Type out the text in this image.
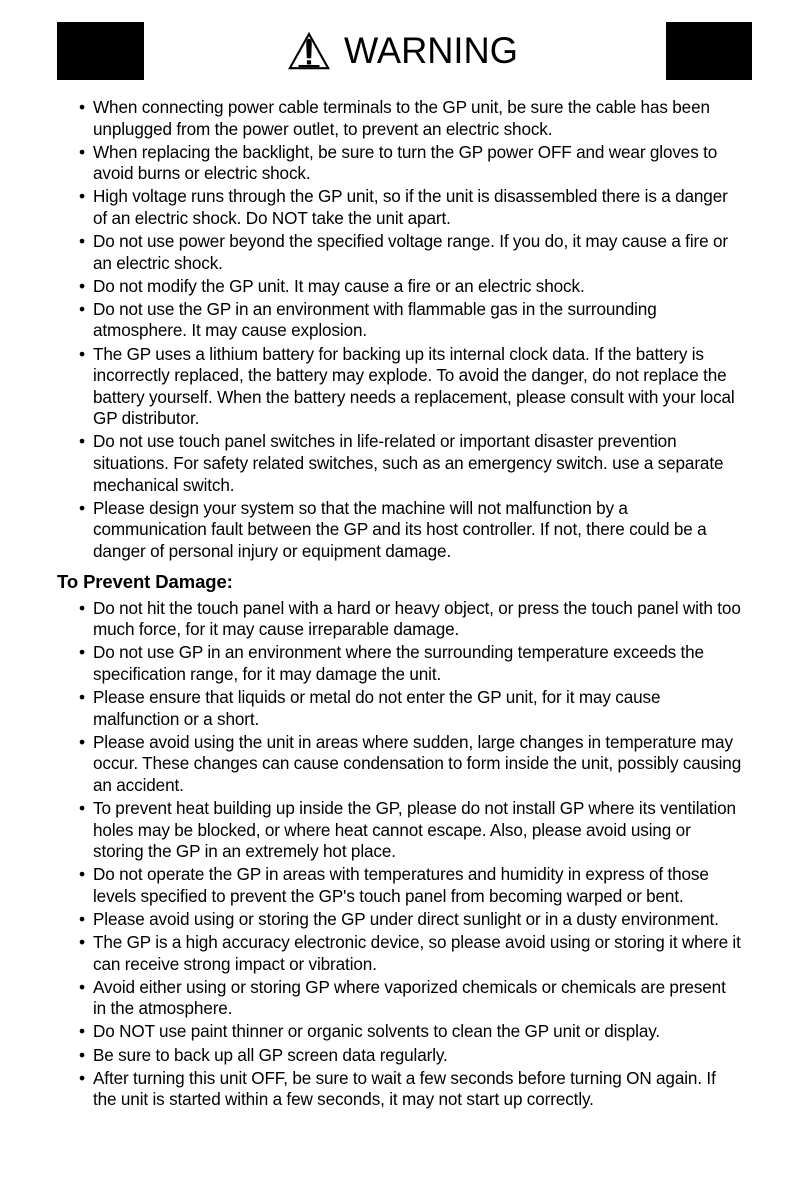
WARNING
• When connecting power cable terminals to the GP unit, be sure the cable has been unplugged from the power outlet, to prevent an electric shock.
• When replacing the backlight, be sure to turn the GP power OFF and wear gloves to avoid burns or electric shock.
• High voltage runs through the GP unit, so if the unit is disassembled there is a danger of an electric shock. Do NOT take the unit apart.
• Do not use power beyond the specified voltage range. If you do, it may cause a fire or an electric shock.
• Do not modify the GP unit. It may cause a fire or an electric shock.
• Do not use the GP in an environment with flammable gas in the surrounding atmosphere. It may cause explosion.
• The GP uses a lithium battery for backing up its internal clock data. If the battery is incorrectly replaced, the battery may explode. To avoid the danger, do not replace the battery yourself. When the battery needs a replacement, please consult with your local GP distributor.
• Do not use touch panel switches in life-related or important disaster prevention situations. For safety related switches, such as an emergency switch. use a separate mechanical switch.
• Please design your system so that the machine will not malfunction by a communication fault between the GP and its host controller. If not, there could be a danger of personal injury or equipment damage.
To Prevent Damage:
• Do not hit the touch panel with a hard or heavy object, or press the touch panel with too much force, for it may cause irreparable damage.
• Do not use GP in an environment where the surrounding temperature exceeds the specification range, for it may damage the unit.
• Please ensure that liquids or metal do not enter the GP unit, for it may cause malfunction or a short.
• Please avoid using the unit in areas where sudden, large changes in temperature may occur. These changes can cause condensation to form inside the unit, possibly causing an accident.
• To prevent heat building up inside the GP, please do not install GP where its ventilation holes may be blocked, or where heat cannot escape. Also, please avoid using or storing the GP in an extremely hot place.
• Do not operate the GP in areas with temperatures and humidity in express of those levels specified to prevent the GP's touch panel from becoming warped or bent.
• Please avoid using or storing the GP under direct sunlight or in a dusty environment.
• The GP is a high accuracy electronic device, so please avoid using or storing it where it can receive strong impact or vibration.
• Avoid either using or storing GP where vaporized chemicals or chemicals are present in the atmosphere.
• Do NOT use paint thinner or organic solvents to clean the GP unit or display.
• Be sure to back up all GP screen data regularly.
• After turning this unit OFF, be sure to wait a few seconds before turning ON again. If the unit is started within a few seconds, it may not start up correctly.
